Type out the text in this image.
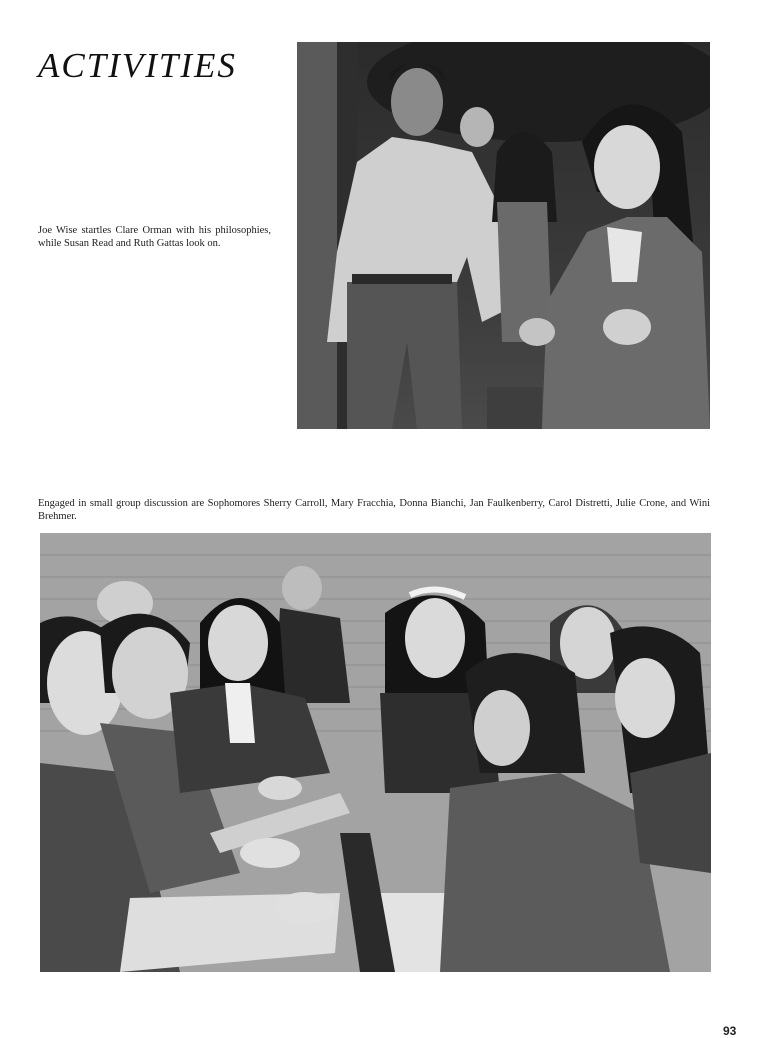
ACTIVITIES
Joe Wise startles Clare Orman with his philosophies, while Susan Read and Ruth Gattas look on.
Engaged in small group discussion are Sophomores Sherry Carroll, Mary Fracchia, Donna Bianchi, Jan Faulkenberry, Carol Distretti, Julie Crone, and Wini Brehmer.
93
